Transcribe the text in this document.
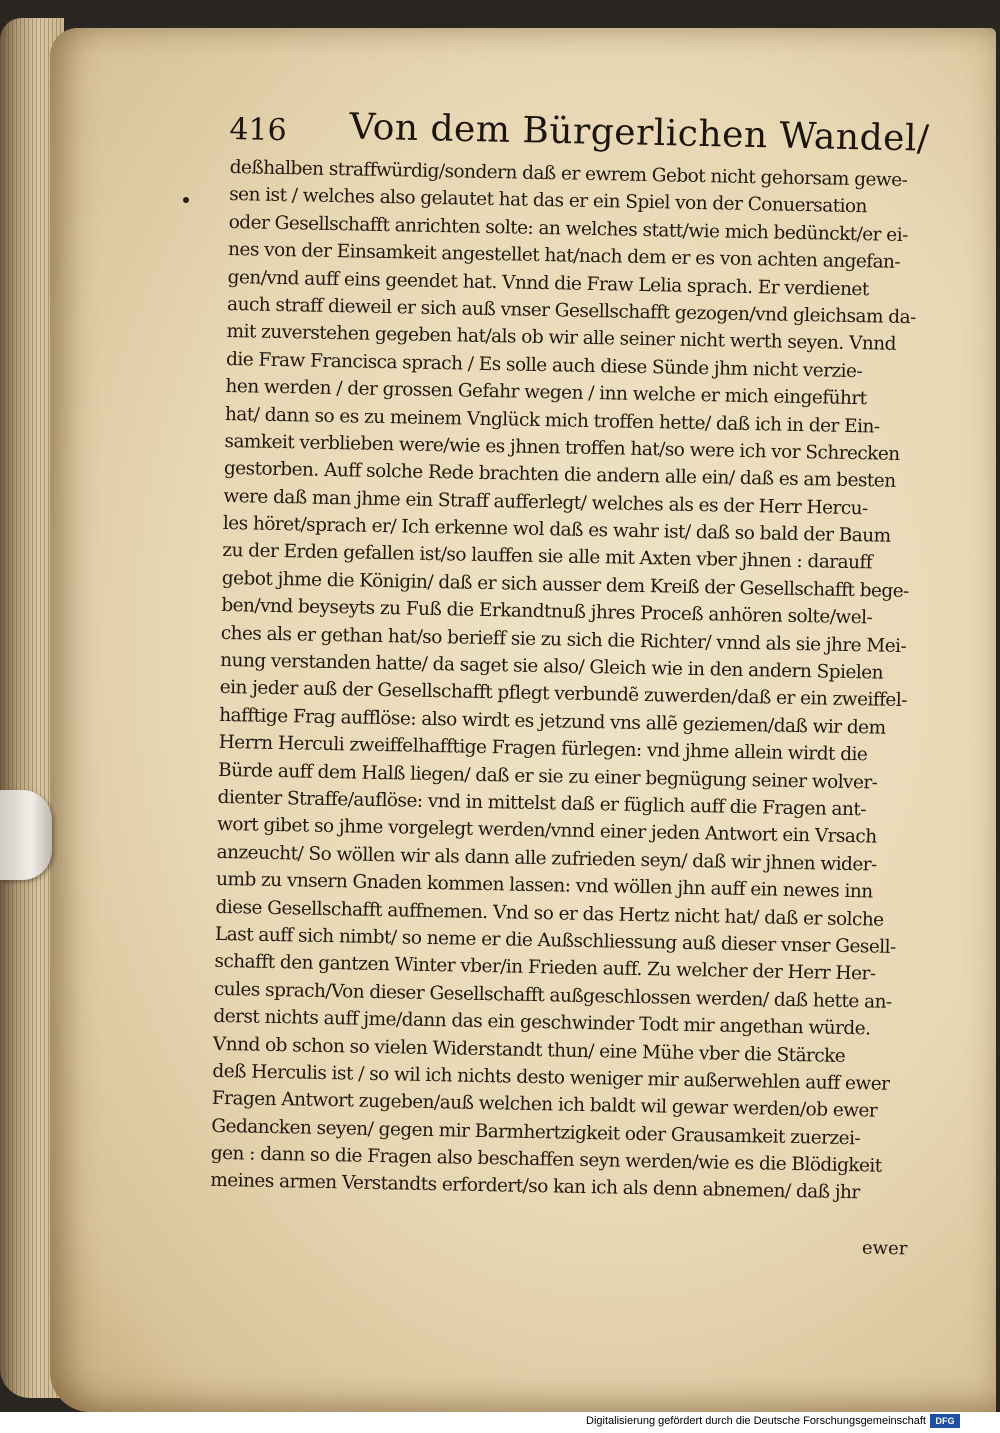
416 Von dem Bürgerlichen Wandel/
deßhalben straffwürdig/sondern daß er ewrem Gebot nicht gehorsam gewe-
sen ist / welches also gelautet hat das er ein Spiel von der Conuersation
oder Gesellschafft anrichten solte: an welches statt/wie mich bedünckt/er ei-
nes von der Einsamkeit angestellet hat/nach dem er es von achten angefan-
gen/vnd auff eins geendet hat. Vnnd die Fraw Lelia sprach. Er verdienet
auch straff dieweil er sich auß vnser Gesellschafft gezogen/vnd gleichsam da-
mit zuverstehen gegeben hat/als ob wir alle seiner nicht werth seyen. Vnnd
die Fraw Francisca sprach / Es solle auch diese Sünde jhm nicht verzie-
hen werden / der grossen Gefahr wegen / inn welche er mich eingeführt
hat/ dann so es zu meinem Vnglück mich troffen hette/ daß ich in der Ein-
samkeit verblieben were/wie es jhnen troffen hat/so were ich vor Schrecken
gestorben. Auff solche Rede brachten die andern alle ein/ daß es am besten
were daß man jhme ein Straff aufferlegt/ welches als es der Herr Hercu-
les höret/sprach er/ Ich erkenne wol daß es wahr ist/ daß so bald der Baum
zu der Erden gefallen ist/so lauffen sie alle mit Axten vber jhnen : darauff
gebot jhme die Königin/ daß er sich ausser dem Kreiß der Gesellschafft bege-
ben/vnd beyseyts zu Fuß die Erkandtnuß jhres Proceß anhören solte/wel-
ches als er gethan hat/so berieff sie zu sich die Richter/ vnnd als sie jhre Mei-
nung verstanden hatte/ da saget sie also/ Gleich wie in den andern Spielen
ein jeder auß der Gesellschafft pflegt verbundẽ zuwerden/daß er ein zweiffel-
hafftige Frag aufflöse: also wirdt es jetzund vns allẽ geziemen/daß wir dem
Herrn Herculi zweiffelhafftige Fragen fürlegen: vnd jhme allein wirdt die
Bürde auff dem Halß liegen/ daß er sie zu einer begnügung seiner wolver-
dienter Straffe/auflöse: vnd in mittelst daß er füglich auff die Fragen ant-
wort gibet so jhme vorgelegt werden/vnnd einer jeden Antwort ein Vrsach
anzeucht/ So wöllen wir als dann alle zufrieden seyn/ daß wir jhnen wider-
umb zu vnsern Gnaden kommen lassen: vnd wöllen jhn auff ein newes inn
diese Gesellschafft auffnemen. Vnd so er das Hertz nicht hat/ daß er solche
Last auff sich nimbt/ so neme er die Außschliessung auß dieser vnser Gesell-
schafft den gantzen Winter vber/in Frieden auff. Zu welcher der Herr Her-
cules sprach/Von dieser Gesellschafft außgeschlossen werden/ daß hette an-
derst nichts auff jme/dann das ein geschwinder Todt mir angethan würde.
Vnnd ob schon so vielen Widerstandt thun/ eine Mühe vber die Stärcke
deß Herculis ist / so wil ich nichts desto weniger mir außerwehlen auff ewer
Fragen Antwort zugeben/auß welchen ich baldt wil gewar werden/ob ewer
Gedancken seyen/ gegen mir Barmhertzigkeit oder Grausamkeit zuerzei-
gen : dann so die Fragen also beschaffen seyn werden/wie es die Blödigkeit
meines armen Verstandts erfordert/so kan ich als denn abnemen/ daß jhr
ewer
Digitalisierung gefördert durch die Deutsche Forschungsgemeinschaft	DFG
